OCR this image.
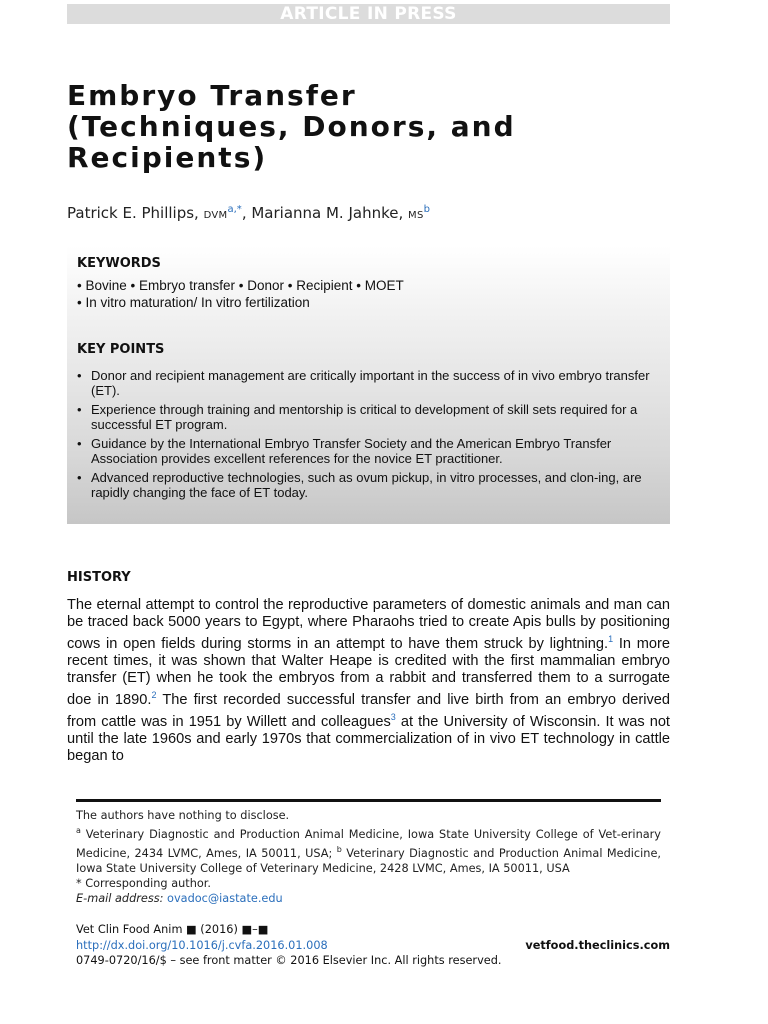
ARTICLE IN PRESS
Embryo Transfer
(Techniques, Donors, and
Recipients)
Patrick E. Phillips, $DVM^{a,*}$, Marianna M. Jahnke, $MS^b$
KEYWORDS
• Bovine • Embryo transfer • Donor • Recipient • MOET
• In vitro maturation/ In vitro fertilization
KEY POINTS
• Donor and recipient management are critically important in the success of in vivo embryo transfer (ET).
• Experience through training and mentorship is critical to development of skill sets required for a successful ET program.
• Guidance by the International Embryo Transfer Society and the American Embryo Transfer Association provides excellent references for the novice ET practitioner.
• Advanced reproductive technologies, such as ovum pickup, in vitro processes, and clon-ing, are rapidly changing the face of ET today.
HISTORY

The eternal attempt to control the reproductive parameters of domestic animals and man can be traced back 5000 years to Egypt, where Pharaohs tried to create Apis bulls by positioning cows in open fields during storms in an attempt to have them struck by lightning.$^1$ In more recent times, it was shown that Walter Heape is credited with the first mammalian embryo transfer (ET) when he took the embryos from a rabbit and transferred them to a surrogate doe in 1890.$^2$ The first recorded successful transfer and live birth from an embryo derived from cattle was in 1951 by Willett and colleagues$^3$ at the University of Wisconsin. It was not until the late 1960s and early 1970s that commercialization of in vivo ET technology in cattle began to

The authors have nothing to disclose.

$^a$ Veterinary Diagnostic and Production Animal Medicine, Iowa State University College of Vet-erinary Medicine, 2434 LVMC, Ames, IA 50011, USA; $^b$ Veterinary Diagnostic and Production Animal Medicine, Iowa State University College of Veterinary Medicine, 2428 LVMC, Ames, IA 50011, USA

* Corresponding author.

E-mail address: ovadoc@iastate.edu

Vet Clin Food Anim ■ (2016) ■–■
http://dx.doi.org/10.1016/j.cvfa.2016.01.008	vetfood.theclinics.com
0749-0720/16/$ – see front matter © 2016 Elsevier Inc. All rights reserved.
